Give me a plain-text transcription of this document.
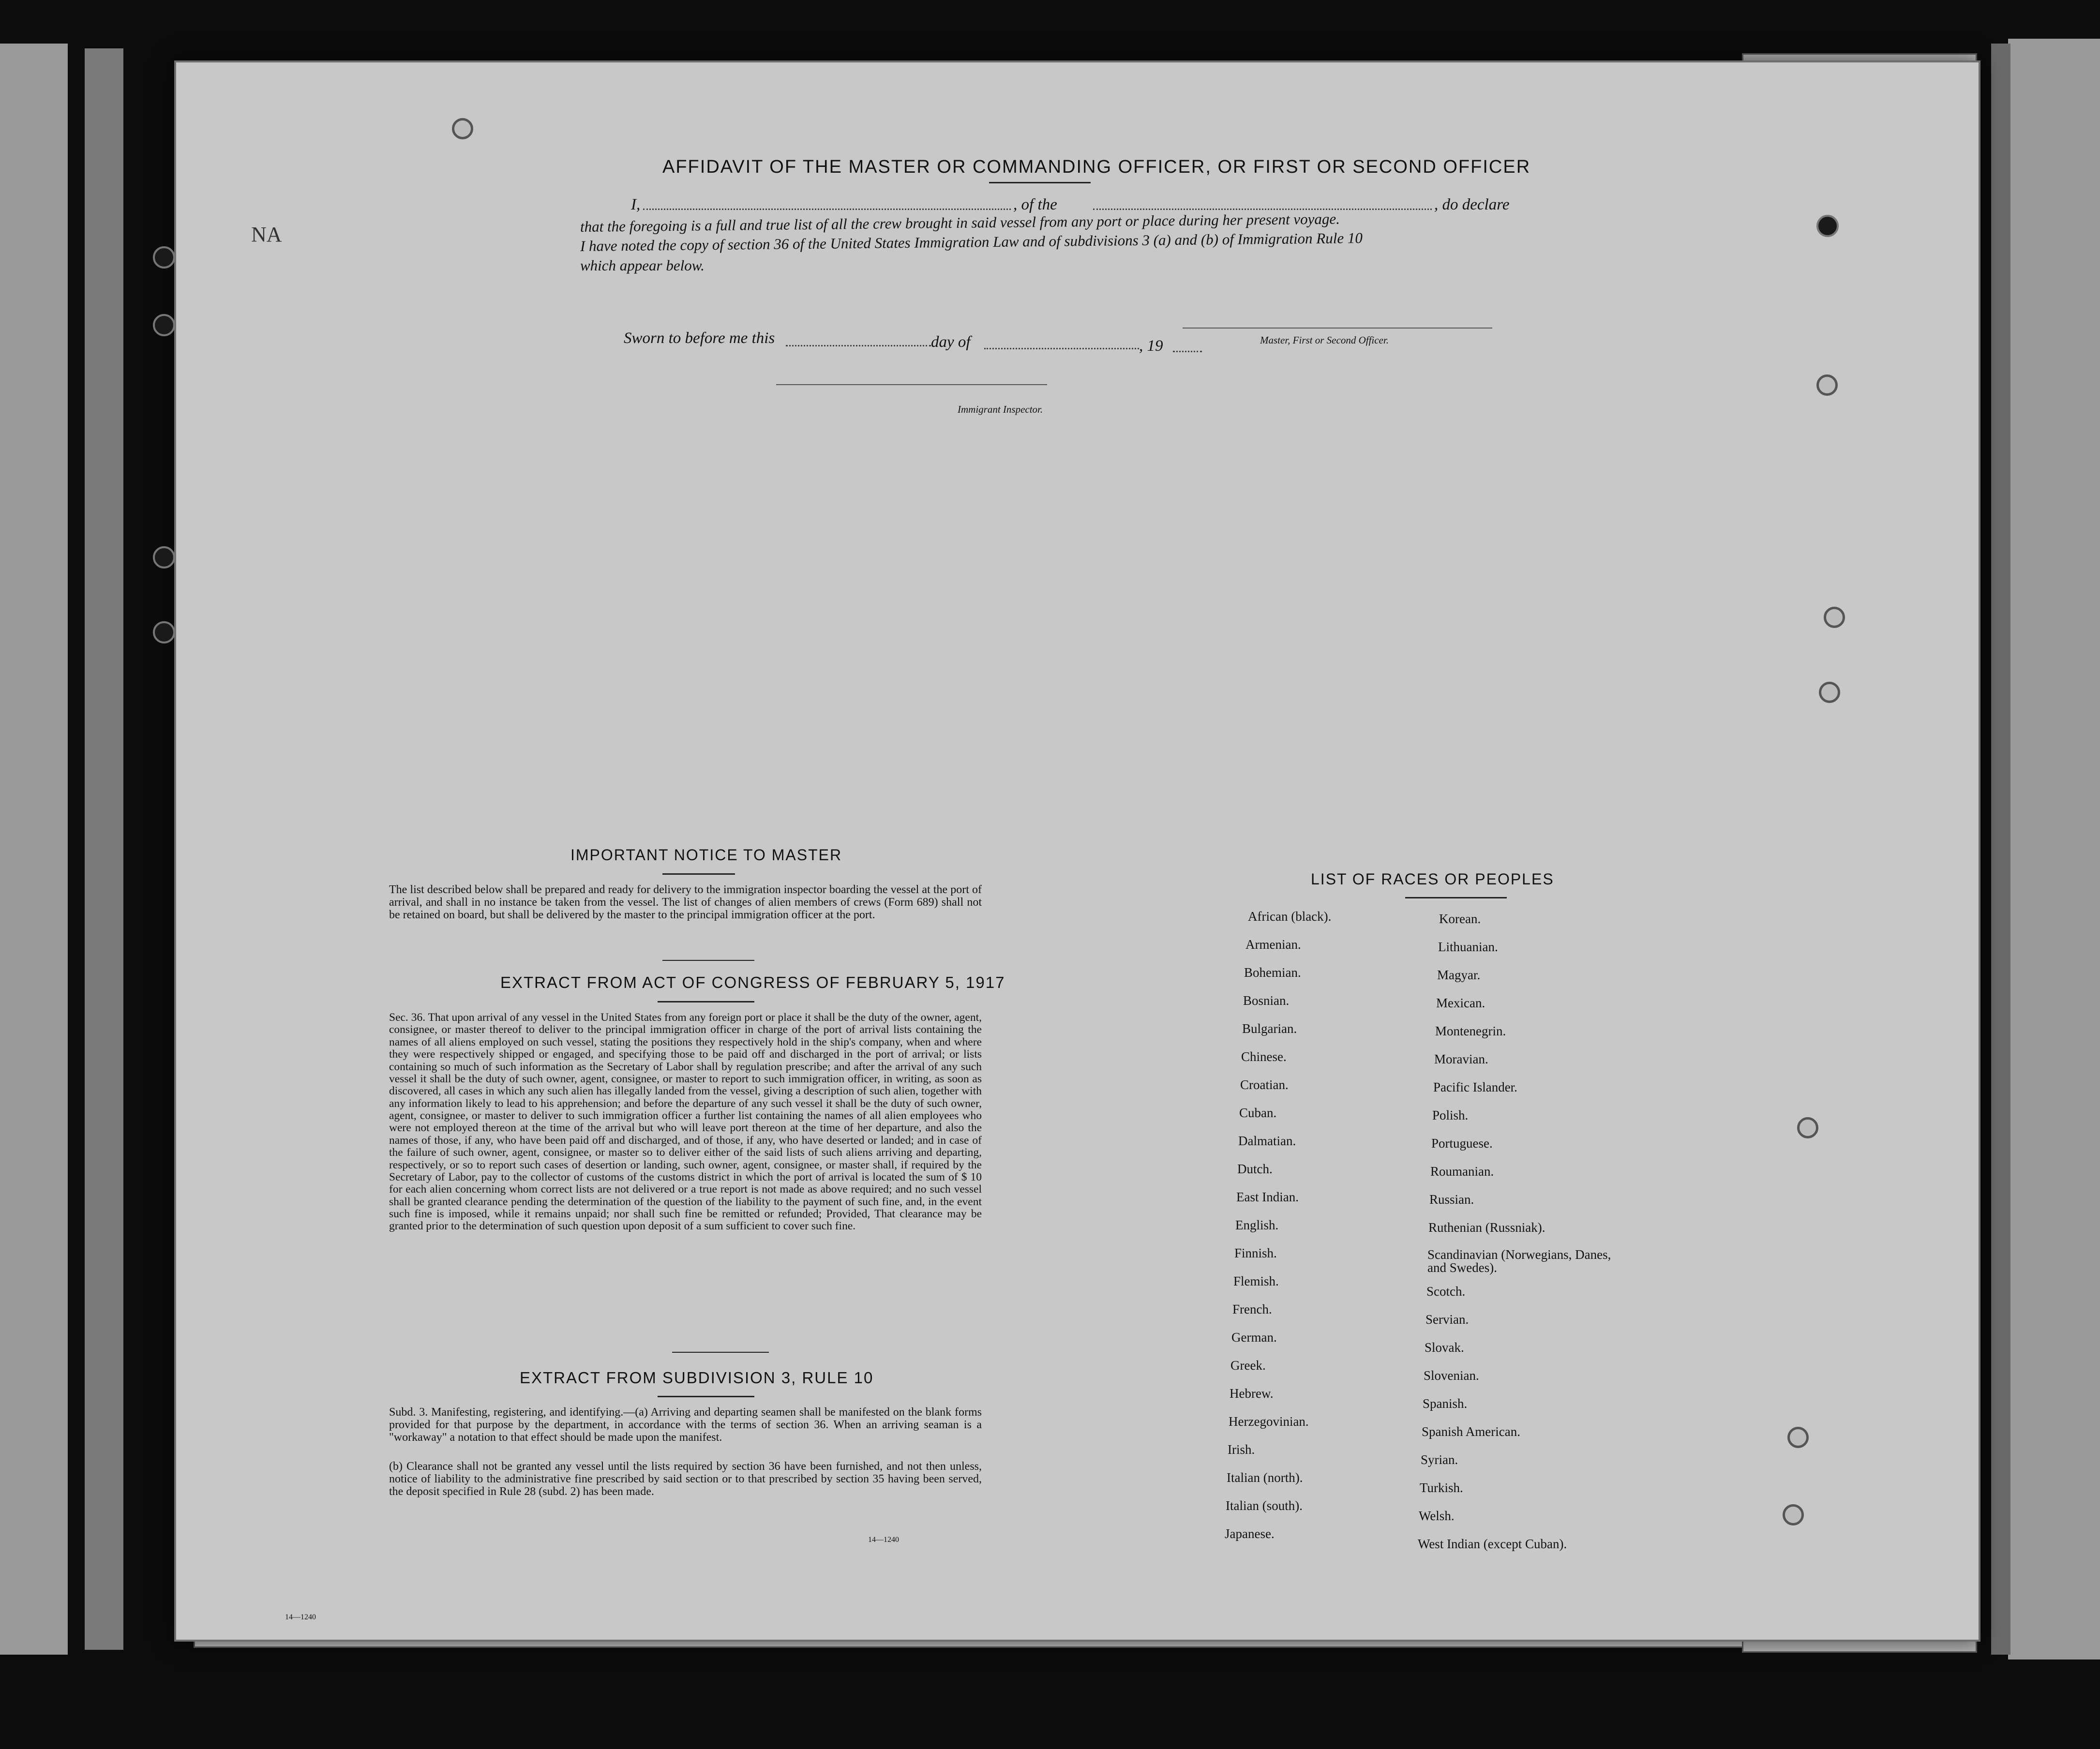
NA
AFFIDAVIT OF THE MASTER OR COMMANDING OFFICER, OR FIRST OR SECOND OFFICER
I,	, of the	, do declare
that the foregoing is a full and true list of all the crew brought in said vessel from any port or place during her present voyage.
I have noted the copy of section 36 of the United States Immigration Law and of subdivisions 3 (a) and (b) of Immigration Rule 10
which appear below.
Sworn to before me this	day of	, 19	Master, First or Second Officer.
Immigrant Inspector.
IMPORTANT NOTICE TO MASTER
The list described below shall be prepared and ready for delivery to the immigration inspector boarding the vessel at the port of arrival, and shall in no instance be taken from the vessel. The list of changes of alien members of crews (Form 689) shall not be retained on board, but shall be delivered by the master to the principal immigration officer at the port.
EXTRACT FROM ACT OF CONGRESS OF FEBRUARY 5, 1917
Sec. 36. That upon arrival of any vessel in the United States from any foreign port or place it shall be the duty of the owner, agent, consignee, or master thereof to deliver to the principal immigration officer in charge of the port of arrival lists containing the names of all aliens employed on such vessel, stating the positions they respectively hold in the ship's company, when and where they were respectively shipped or engaged, and specifying those to be paid off and discharged in the port of arrival; or lists containing so much of such information as the Secretary of Labor shall by regulation prescribe; and after the arrival of any such vessel it shall be the duty of such owner, agent, consignee, or master to report to such immigration officer, in writing, as soon as discovered, all cases in which any such alien has illegally landed from the vessel, giving a description of such alien, together with any information likely to lead to his apprehension; and before the departure of any such vessel it shall be the duty of such owner, agent, consignee, or master to deliver to such immigration officer a further list containing the names of all alien employees who were not employed thereon at the time of the arrival but who will leave port thereon at the time of her departure, and also the names of those, if any, who have been paid off and discharged, and of those, if any, who have deserted or landed; and in case of the failure of such owner, agent, consignee, or master so to deliver either of the said lists of such aliens arriving and departing, respectively, or so to report such cases of desertion or landing, such owner, agent, consignee, or master shall, if required by the Secretary of Labor, pay to the collector of customs of the customs district in which the port of arrival is located the sum of $ 10 for each alien concerning whom correct lists are not delivered or a true report is not made as above required; and no such vessel shall be granted clearance pending the determination of the question of the liability to the payment of such fine, and, in the event such fine is imposed, while it remains unpaid; nor shall such fine be remitted or refunded; Provided, That clearance may be granted prior to the determination of such question upon deposit of a sum sufficient to cover such fine.
EXTRACT FROM SUBDIVISION 3, RULE 10
Subd. 3. Manifesting, registering, and identifying.—(a) Arriving and departing seamen shall be manifested on the blank forms provided for that purpose by the department, in accordance with the terms of section 36. When an arriving seaman is a "workaway" a notation to that effect should be made upon the manifest.
(b) Clearance shall not be granted any vessel until the lists required by section 36 have been furnished, and not then unless, notice of liability to the administrative fine prescribed by said section or to that prescribed by section 35 having been served, the deposit specified in Rule 28 (subd. 2) has been made.
14—1240
LIST OF RACES OR PEOPLES
African (black).
Armenian.
Bohemian.
Bosnian.
Bulgarian.
Chinese.
Croatian.
Cuban.
Dalmatian.
Dutch.
East Indian.
English.
Finnish.
Flemish.
French.
German.
Greek.
Hebrew.
Herzegovinian.
Irish.
Italian (north).
Italian (south).
Japanese.
Korean.
Lithuanian.
Magyar.
Mexican.
Montenegrin.
Moravian.
Pacific Islander.
Polish.
Portuguese.
Roumanian.
Russian.
Ruthenian (Russniak).
Scandinavian (Norwegians, Danes, and Swedes).
Scotch.
Servian.
Slovak.
Slovenian.
Spanish.
Spanish American.
Syrian.
Turkish.
Welsh.
West Indian (except Cuban).
14—1240
